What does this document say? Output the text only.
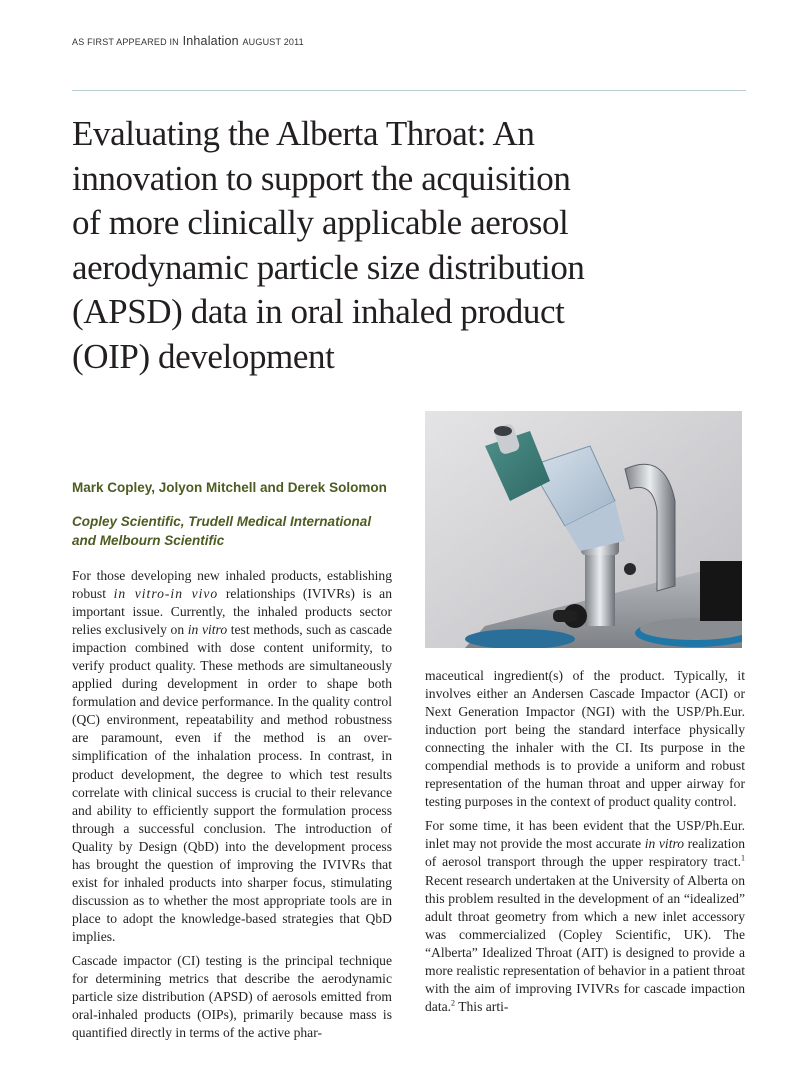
AS FIRST APPEARED IN Inhalation AUGUST 2011
Evaluating the Alberta Throat: An
innovation to support the acquisition
of more clinically applicable aerosol
aerodynamic particle size distribution
(APSD) data in oral inhaled product
(OIP) development
Mark Copley, Jolyon Mitchell and Derek Solomon
Copley Scientific, Trudell Medical International and Melbourn Scientific

For those developing new inhaled products, establishing robust in vitro-in vivo relationships (IVIVRs) is an important issue. Currently, the inhaled products sector relies exclusively on in vitro test methods, such as cascade impaction combined with dose content uniformity, to verify product quality. These methods are simultaneously applied during development in order to shape both formulation and device performance. In the quality control (QC) environment, repeatability and method robustness are paramount, even if the method is an over-simplification of the inhalation process. In contrast, in product development, the degree to which test results correlate with clinical success is crucial to their relevance and ability to efficiently support the formulation process through a successful conclusion. The introduction of Quality by Design (QbD) into the development process has brought the question of improving the IVIVRs that exist for inhaled products into sharper focus, stimulating discussion as to whether the most appropriate tools are in place to adopt the knowledge-based strategies that QbD implies.

Cascade impactor (CI) testing is the principal technique for determining metrics that describe the aerodynamic particle size distribution (APSD) of aerosols emitted from oral-inhaled products (OIPs), primarily because mass is quantified directly in terms of the active phar-

maceutical ingredient(s) of the product. Typically, it involves either an Andersen Cascade Impactor (ACI) or Next Generation Impactor (NGI) with the USP/Ph.Eur. induction port being the standard interface physically connecting the inhaler with the CI. Its purpose in the compendial methods is to provide a uniform and robust representation of the human throat and upper airway for testing purposes in the context of product quality control.

For some time, it has been evident that the USP/Ph.Eur. inlet may not provide the most accurate in vitro realization of aerosol transport through the upper respiratory tract.$^1$ Recent research undertaken at the University of Alberta on this problem resulted in the development of an “idealized” adult throat geometry from which a new inlet accessory was commercialized (Copley Scientific, UK). The “Alberta” Idealized Throat (AIT) is designed to provide a more realistic representation of behavior in a patient throat with the aim of improving IVIVRs for cascade impaction data.$^2$ This arti-
